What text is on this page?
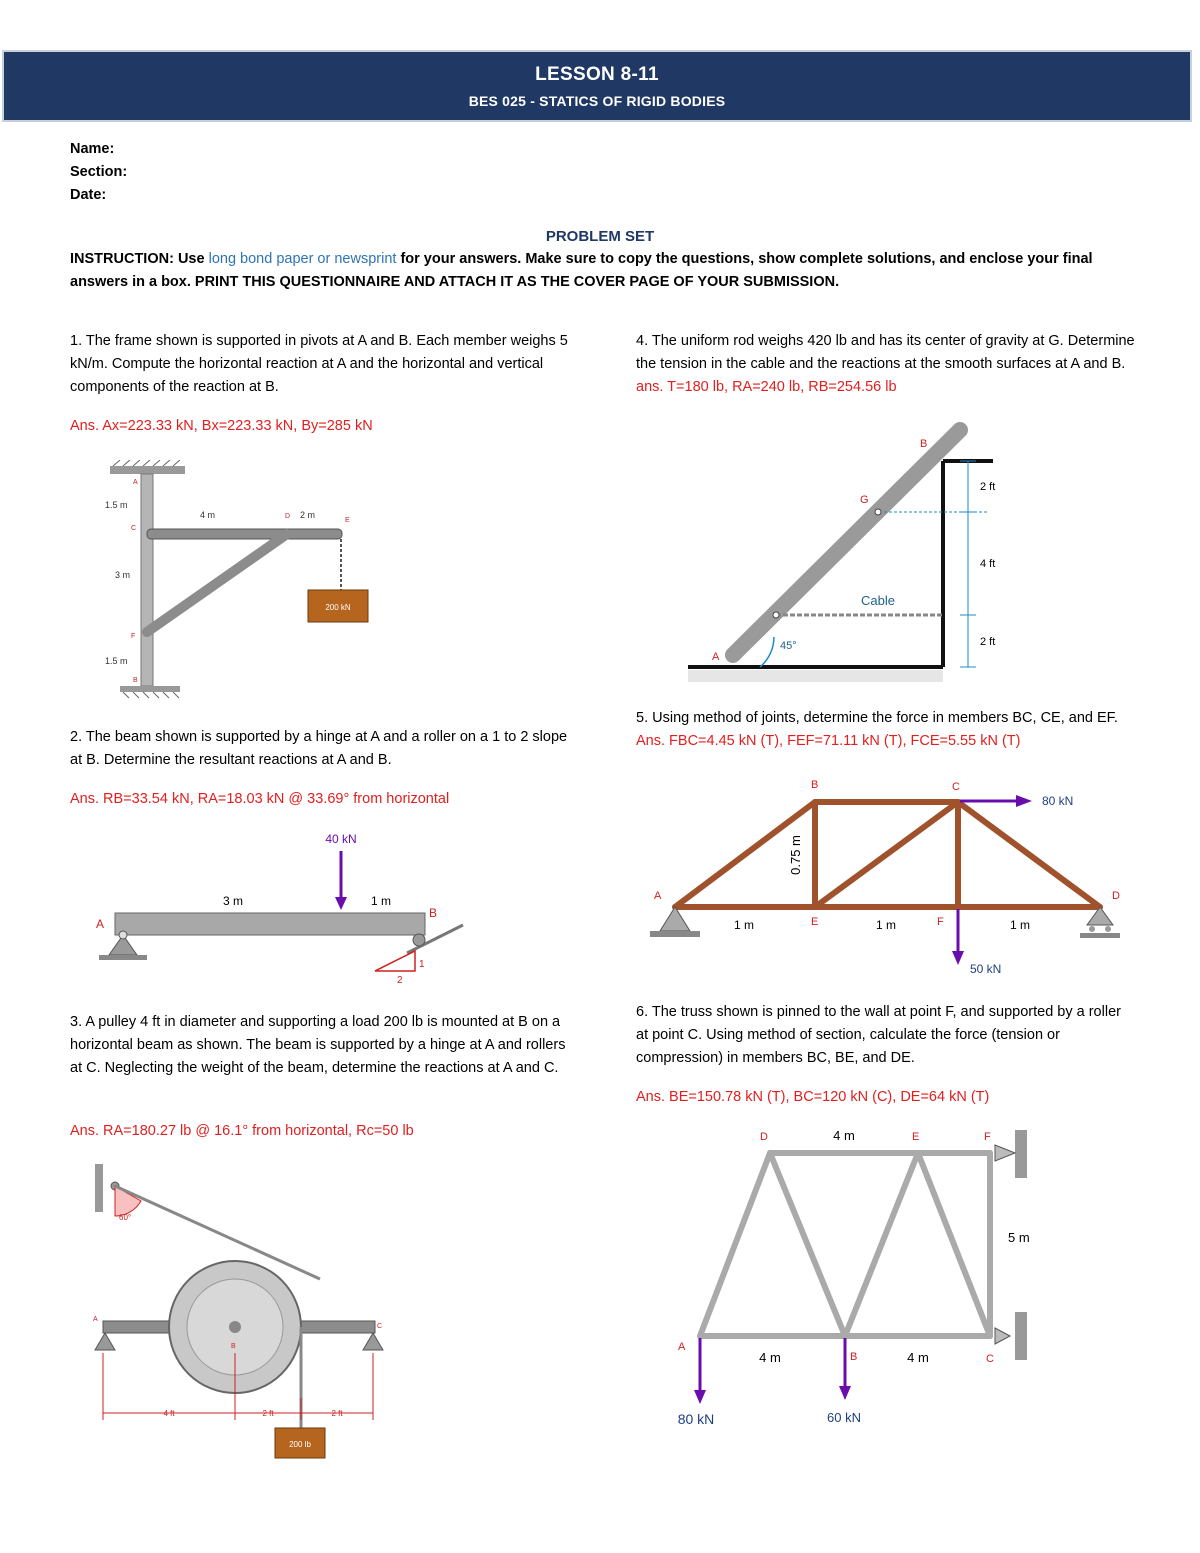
LESSON 8-11
BES 025 - STATICS OF RIGID BODIES
Name:
Section:
Date:
PROBLEM SET
INSTRUCTION: Use long bond paper or newsprint for your answers. Make sure to copy the questions, show complete solutions, and enclose your final answers in a box. PRINT THIS QUESTIONNAIRE AND ATTACH IT AS THE COVER PAGE OF YOUR SUBMISSION.
1. The frame shown is supported in pivots at A and B. Each member weighs 5 kN/m. Compute the horizontal reaction at A and the horizontal and vertical components of the reaction at B.
Ans. Ax=223.33 kN, Bx=223.33 kN, By=285 kN
200 kN
A
C
F
B
D
E
1.5 m
3 m
1.5 m
4 m	2 m
2. The beam shown is supported by a hinge at A and a roller on a 1 to 2 slope at B. Determine the resultant reactions at A and B.
Ans. RB=33.54 kN, RA=18.03 kN @ 33.69° from horizontal
40 kN
3 m	1 m
A
B
1
2
3. A pulley 4 ft in diameter and supporting a load 200 lb is mounted at B on a horizontal beam as shown. The beam is supported by a hinge at A and rollers at C. Neglecting the weight of the beam, determine the reactions at A and C.
Ans. RA=180.27 lb @ 16.1° from horizontal, Rc=50 lb
60°
200 lb
A
C
B
4 ft	2 ft	2 ft
4. The uniform rod weighs 420 lb and has its center of gravity at G. Determine the tension in the cable and the reactions at the smooth surfaces at A and B. ans. T=180 lb, RA=240 lb, RB=254.56 lb
Cable
45°
A
B
G
2 ft
4 ft
2 ft
5. Using method of joints, determine the force in members BC, CE, and EF. Ans. FBC=4.45 kN (T), FEF=71.11 kN (T), FCE=5.55 kN (T)
A
B	C
D
E	F
0.75 m
1 m	1 m	1 m
80 kN
50 kN
6. The truss shown is pinned to the wall at point F, and supported by a roller at point C. Using method of section, calculate the force (tension or compression) in members BC, BE, and DE.
Ans. BE=150.78 kN (T), BC=120 kN (C), DE=64 kN (T)
A
B	C
D	E	F
4 m
5 m
4 m	4 m
80 kN	60 kN
